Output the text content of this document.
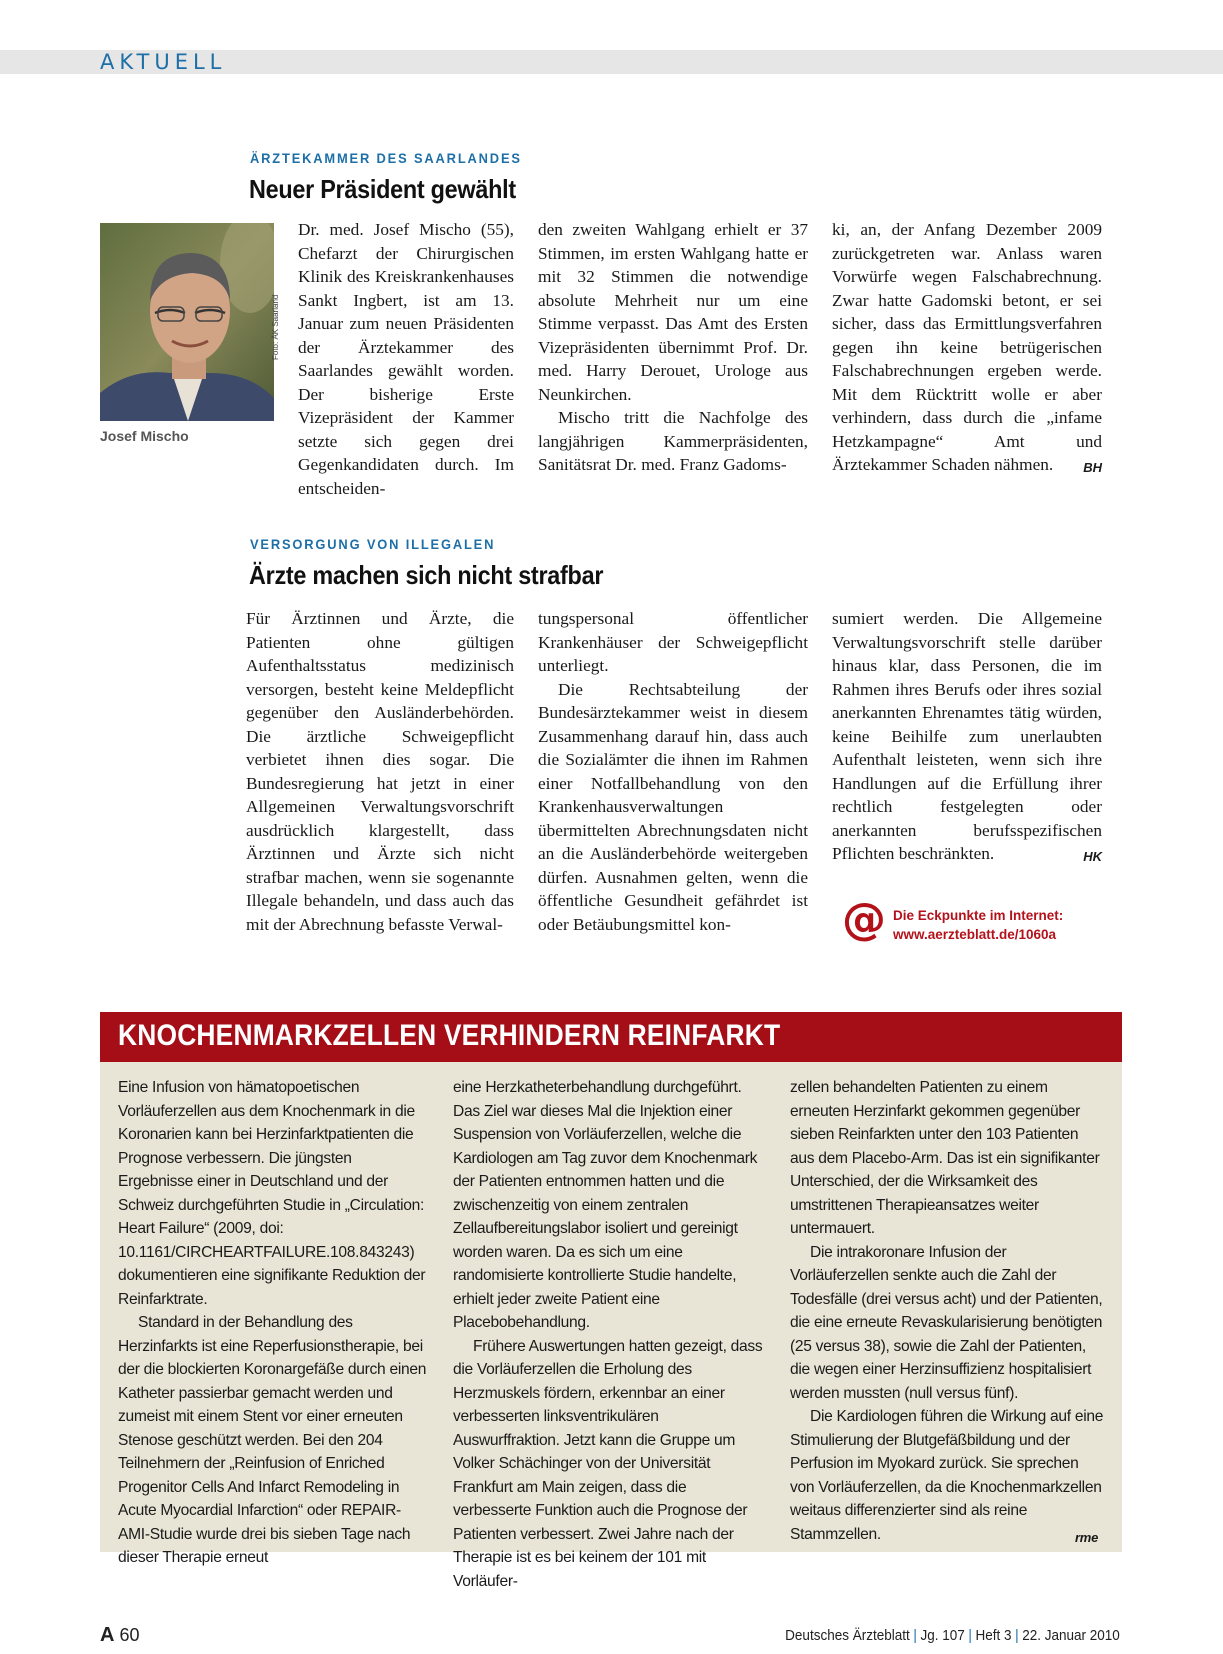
AKTUELL
ÄRZTEKAMMER DES SAARLANDES
Neuer Präsident gewählt
Foto: ÄK Saarland
Josef Mischo

Dr. med. Josef Mischo (55), Chefarzt der Chirurgischen Klinik des Kreiskrankenhauses Sankt Ingbert, ist am 13. Januar zum neuen Präsidenten der Ärztekammer des Saarlandes gewählt worden. Der bisherige Erste Vizepräsident der Kammer setzte sich gegen drei Gegenkandidaten durch. Im entscheiden-

den zweiten Wahlgang erhielt er 37 Stimmen, im ersten Wahlgang hatte er mit 32 Stimmen die notwendige absolute Mehrheit nur um eine Stimme verpasst. Das Amt des Ersten Vizepräsidenten übernimmt Prof. Dr. med. Harry Derouet, Urologe aus Neunkirchen.

Mischo tritt die Nachfolge des langjährigen Kammerpräsidenten, Sanitätsrat Dr. med. Franz Gadoms-

ki, an, der Anfang Dezember 2009 zurückgetreten war. Anlass waren Vorwürfe wegen Falschabrechnung. Zwar hatte Gadomski betont, er sei sicher, dass das Ermittlungsverfahren gegen ihn keine betrügerischen Falschabrechnungen ergeben werde. Mit dem Rücktritt wolle er aber verhindern, dass durch die „infame Hetzkampagne“ Amt und Ärztekammer Schaden nähmen. BH

VERSORGUNG VON ILLEGALEN
Ärzte machen sich nicht strafbar

Für Ärztinnen und Ärzte, die Patienten ohne gültigen Aufenthaltsstatus medizinisch versorgen, besteht keine Meldepflicht gegenüber den Ausländerbehörden. Die ärztliche Schweigepflicht verbietet ihnen dies sogar. Die Bundesregierung hat jetzt in einer Allgemeinen Verwaltungsvorschrift ausdrücklich klargestellt, dass Ärztinnen und Ärzte sich nicht strafbar machen, wenn sie sogenannte Illegale behandeln, und dass auch das mit der Abrechnung befasste Verwal-

tungspersonal öffentlicher Krankenhäuser der Schweigepflicht unterliegt.

Die Rechtsabteilung der Bundesärztekammer weist in diesem Zusammenhang darauf hin, dass auch die Sozialämter die ihnen im Rahmen einer Notfallbehandlung von den Krankenhausverwaltungen übermittelten Abrechnungsdaten nicht an die Ausländerbehörde weitergeben dürfen. Ausnahmen gelten, wenn die öffentliche Gesundheit gefährdet ist oder Betäubungsmittel kon-

sumiert werden. Die Allgemeine Verwaltungsvorschrift stelle darüber hinaus klar, dass Personen, die im Rahmen ihres Berufs oder ihres sozial anerkannten Ehrenamtes tätig würden, keine Beihilfe zum unerlaubten Aufenthalt leisteten, wenn sich ihre Handlungen auf die Erfüllung ihrer rechtlich festgelegten oder anerkannten berufsspezifischen Pflichten beschränkten.	HK

@ Die Eckpunkte im Internet:
www.aerzteblatt.de/1060a
KNOCHENMARKZELLEN VERHINDERN REINFARKT

Eine Infusion von hämatopoetischen Vorläuferzellen aus dem Knochenmark in die Koronarien kann bei Herzinfarktpatienten die Prognose verbessern. Die jüngsten Ergebnisse einer in Deutschland und der Schweiz durchgeführten Studie in „Circulation: Heart Failure“ (2009, doi: 10.1161/CIRCHEARTFAILURE.108.843243) dokumentieren eine signifikante Reduktion der Reinfarktrate.

Standard in der Behandlung des Herzinfarkts ist eine Reperfusionstherapie, bei der die blockierten Koronargefäße durch einen Katheter passierbar gemacht werden und zumeist mit einem Stent vor einer erneuten Stenose geschützt werden. Bei den 204 Teilnehmern der „Reinfusion of Enriched Progenitor Cells And Infarct Remodeling in Acute Myocardial Infarction“ oder REPAIR-AMI-Studie wurde drei bis sieben Tage nach dieser Therapie erneut

eine Herzkatheterbehandlung durchgeführt. Das Ziel war dieses Mal die Injektion einer Suspension von Vorläuferzellen, welche die Kardiologen am Tag zuvor dem Knochenmark der Patienten entnommen hatten und die zwischenzeitig von einem zentralen Zellaufbereitungslabor isoliert und gereinigt worden waren. Da es sich um eine randomisierte kontrollierte Studie handelte, erhielt jeder zweite Patient eine Placebobehandlung.

Frühere Auswertungen hatten gezeigt, dass die Vorläuferzellen die Erholung des Herzmuskels fördern, erkennbar an einer verbesserten linksventrikulären Auswurffraktion. Jetzt kann die Gruppe um Volker Schächinger von der Universität Frankfurt am Main zeigen, dass die verbesserte Funktion auch die Prognose der Patienten verbessert. Zwei Jahre nach der Therapie ist es bei keinem der 101 mit Vorläufer-

zellen behandelten Patienten zu einem erneuten Herzinfarkt gekommen gegenüber sieben Reinfarkten unter den 103 Patienten aus dem Placebo-Arm. Das ist ein signifikanter Unterschied, der die Wirksamkeit des umstrittenen Therapieansatzes weiter untermauert.

Die intrakoronare Infusion der Vorläuferzellen senkte auch die Zahl der Todesfälle (drei versus acht) und der Patienten, die eine erneute Revaskularisierung benötigten (25 versus 38), sowie die Zahl der Patienten, die wegen einer Herzinsuffizienz hospitalisiert werden mussten (null versus fünf).

Die Kardiologen führen die Wirkung auf eine Stimulierung der Blutgefäßbildung und der Perfusion im Myokard zurück. Sie sprechen von Vorläuferzellen, da die Knochenmarkzellen weitaus differenzierter sind als reine Stammzellen.	rme

A 60	Deutsches Ärzteblatt | Jg. 107 | Heft 3 | 22. Januar 2010
